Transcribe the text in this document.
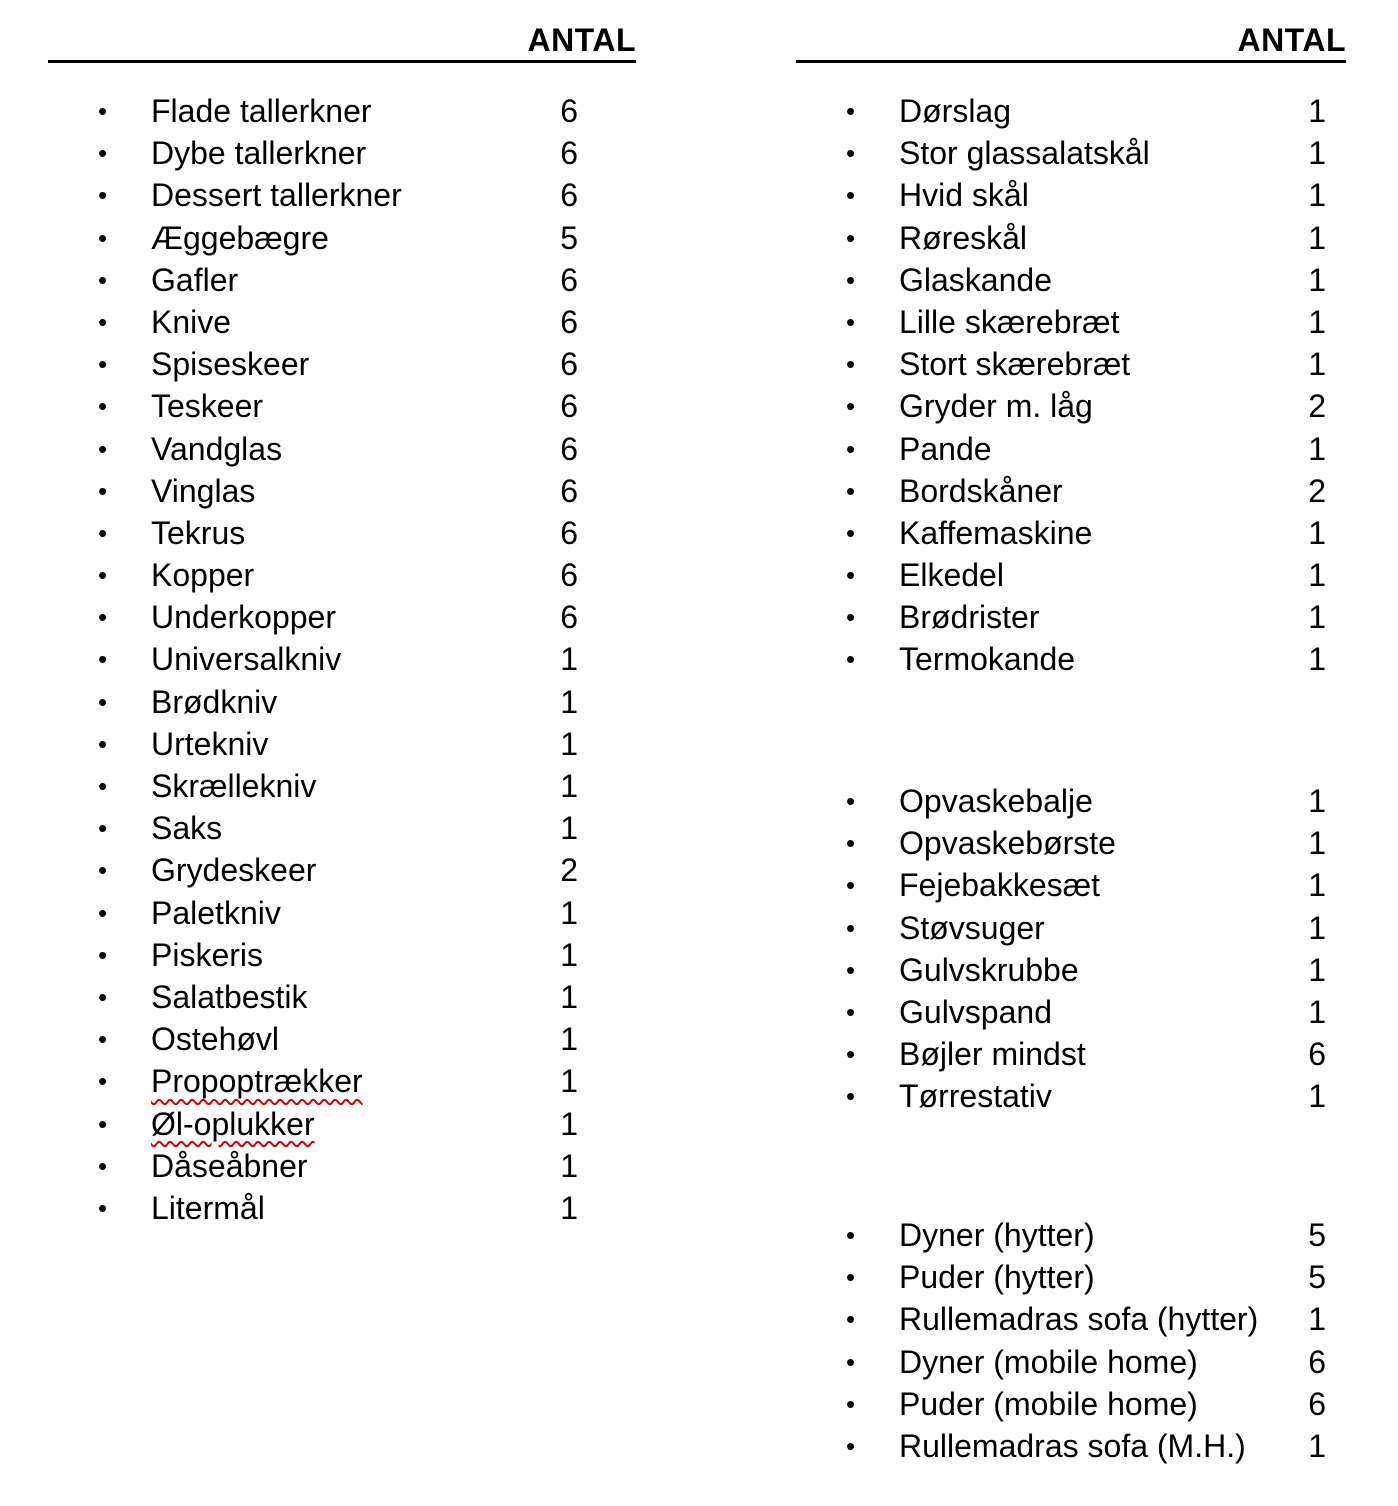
ANTAL
• Flade tallerkner	6
• Dybe tallerkner	6
• Dessert tallerkner	6
• Æggebægre	5
• Gafler	6
• Knive	6
• Spiseskeer	6
• Teskeer	6
• Vandglas	6
• Vinglas	6
• Tekrus	6
• Kopper	6
• Underkopper	6
• Universalkniv	1
• Brødkniv	1
• Urtekniv	1
• Skrællekniv	1
• Saks	1
• Grydeskeer	2
• Paletkniv	1
• Piskeris	1
• Salatbestik	1
• Ostehøvl	1
• Propoptrækker	1
• Øl-oplukker	1
• Dåseåbner	1
• Litermål	1
ANTAL
• Dørslag	1
• Stor glassalatskål	1
• Hvid skål	1
• Røreskål	1
• Glaskande	1
• Lille skærebræt	1
• Stort skærebræt	1
• Gryder m. låg	2
• Pande	1
• Bordskåner	2
• Kaffemaskine	1
• Elkedel	1
• Brødrister	1
• Termokande	1
• Opvaskebalje	1
• Opvaskebørste	1
• Fejebakkesæt	1
• Støvsuger	1
• Gulvskrubbe	1
• Gulvspand	1
• Bøjler mindst	6
• Tørrestativ	1
• Dyner (hytter)	5
• Puder (hytter)	5
• Rullemadras sofa (hytter)	1
• Dyner (mobile home)	6
• Puder (mobile home)	6
• Rullemadras sofa (M.H.)	1
